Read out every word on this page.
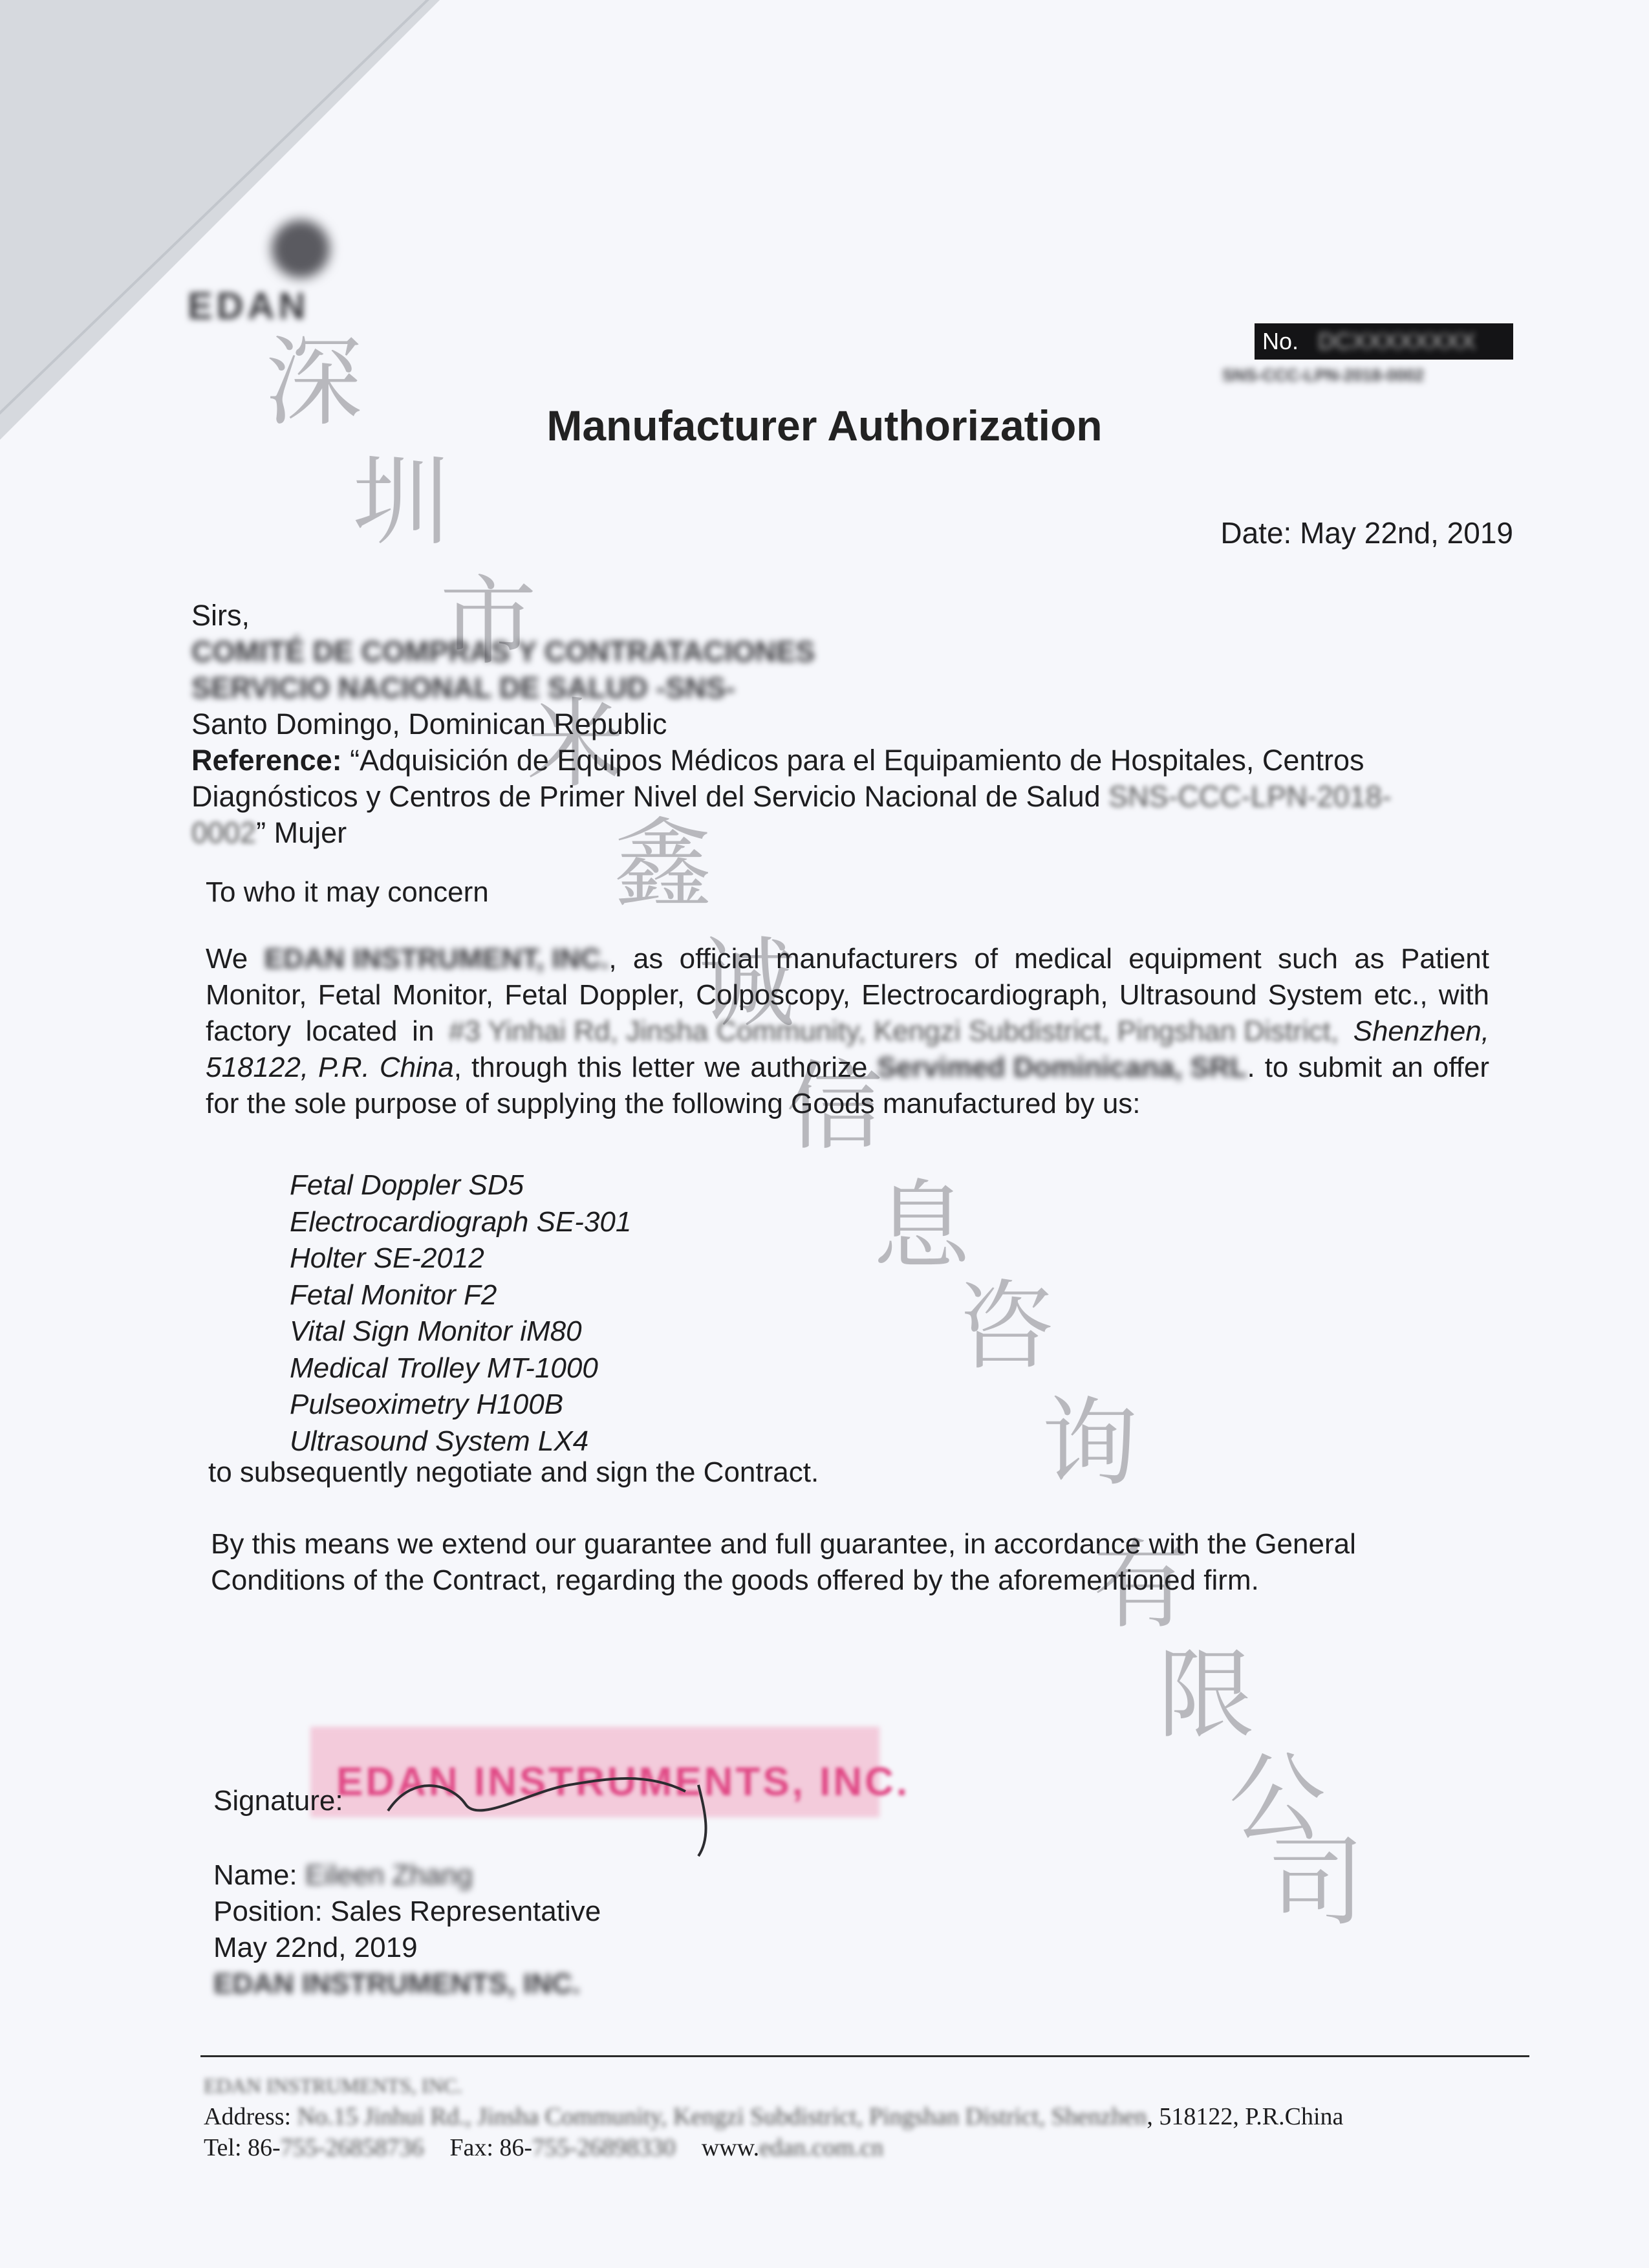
EDAN
No. DCXXXXXXXX
SNS-CCC-LPN-2018-0002
Manufacturer Authorization
Date: May 22nd, 2019
Sirs,
COMITÉ DE COMPRAS Y CONTRATACIONES
SERVICIO NACIONAL DE SALUD -SNS-
Santo Domingo, Dominican Republic
Reference: “Adquisición de Equipos Médicos para el Equipamiento de Hospitales, Centros
Diagnósticos y Centros de Primer Nivel del Servicio Nacional de Salud SNS-CCC-LPN-2018-
0002” Mujer
To who it may concern
We EDAN INSTRUMENT, INC., as official manufacturers of medical equipment such as Patient Monitor, Fetal Monitor, Fetal Doppler, Colposcopy, Electrocardiograph, Ultrasound System etc., with factory located in #3 Yinhai Rd, Jinsha Community, Kengzi Subdistrict, Pingshan District, Shenzhen, 518122, P.R. China, through this letter we authorize Servimed Dominicana, SRL. to submit an offer for the sole purpose of supplying the following Goods manufactured by us:
Fetal Doppler SD5
Electrocardiograph SE-301
Holter SE-2012
Fetal Monitor F2
Vital Sign Monitor iM80
Medical Trolley MT-1000
Pulseoximetry H100B
Ultrasound System LX4
to subsequently negotiate and sign the Contract.
By this means we extend our guarantee and full guarantee, in accordance with the General Conditions of the Contract, regarding the goods offered by the aforementioned firm.
EDAN INSTRUMENTS, INC.
Signature:
Name: Eileen Zhang
Position: Sales Representative
May 22nd, 2019
EDAN INSTRUMENTS, INC.
EDAN INSTRUMENTS, INC.
Address: No.15 Jinhui Rd., Jinsha Community, Kengzi Subdistrict, Pingshan District, Shenzhen, 518122, P.R.China
Tel: 86-755-26858736 Fax: 86-755-26898330 www.edan.com.cn
深
圳
市
米
鑫
诚
信
息
咨
询
有
限
公
司
